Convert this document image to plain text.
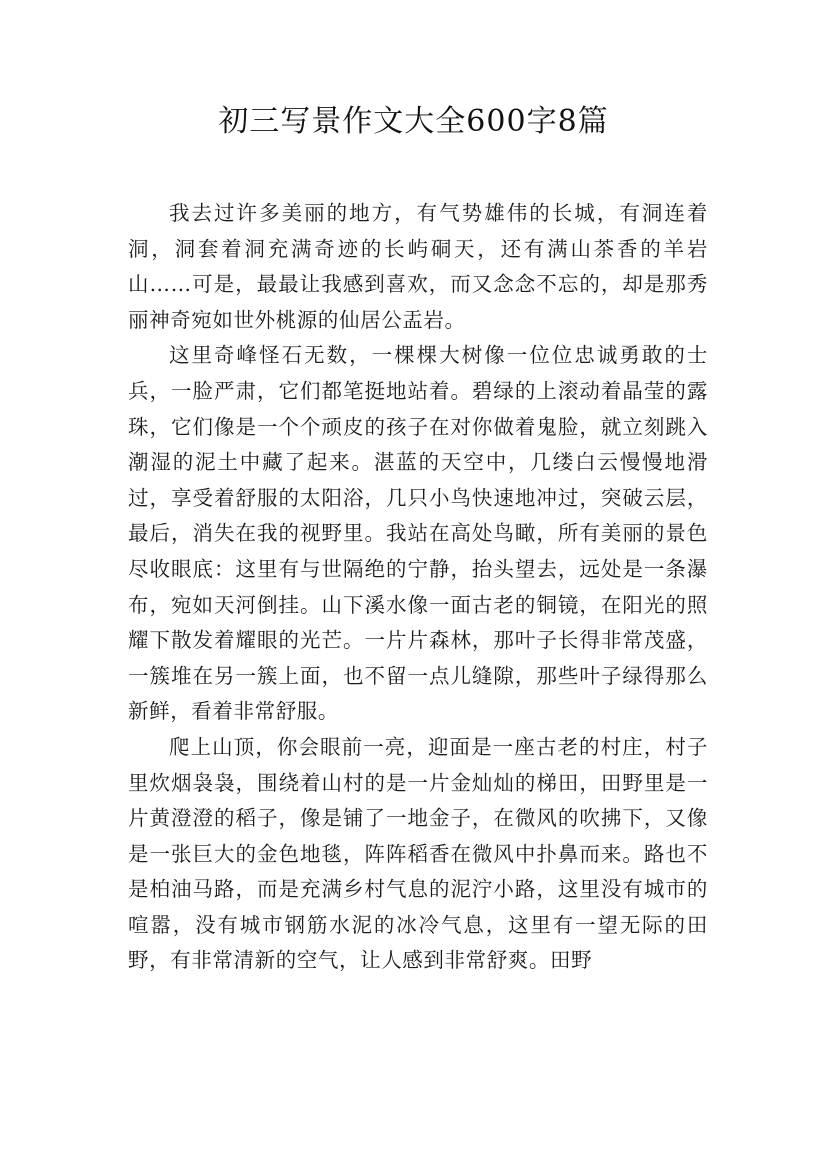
初三写景作文大全600字8篇

我去过许多美丽的地方，有气势雄伟的长城，有洞连着洞，洞套着洞充满奇迹的长屿硐天，还有满山茶香的羊岩山……可是，最最让我感到喜欢，而又念念不忘的，却是那秀丽神奇宛如世外桃源的仙居公盂岩。

这里奇峰怪石无数，一棵棵大树像一位位忠诚勇敢的士兵，一脸严肃，它们都笔挺地站着。碧绿的上滚动着晶莹的露珠，它们像是一个个顽皮的孩子在对你做着鬼脸，就立刻跳入潮湿的泥土中藏了起来。湛蓝的天空中，几缕白云慢慢地滑过，享受着舒服的太阳浴，几只小鸟快速地冲过，突破云层，最后，消失在我的视野里。我站在高处鸟瞰，所有美丽的景色尽收眼底：这里有与世隔绝的宁静，抬头望去，远处是一条瀑布，宛如天河倒挂。山下溪水像一面古老的铜镜，在阳光的照耀下散发着耀眼的光芒。一片片森林，那叶子长得非常茂盛，一簇堆在另一簇上面，也不留一点儿缝隙，那些叶子绿得那么新鲜，看着非常舒服。

爬上山顶，你会眼前一亮，迎面是一座古老的村庄，村子里炊烟袅袅，围绕着山村的是一片金灿灿的梯田，田野里是一片黄澄澄的稻子，像是铺了一地金子，在微风的吹拂下，又像是一张巨大的金色地毯，阵阵稻香在微风中扑鼻而来。路也不是柏油马路，而是充满乡村气息的泥泞小路，这里没有城市的喧嚣，没有城市钢筋水泥的冰冷气息，这里有一望无际的田野，有非常清新的空气，让人感到非常舒爽。田野
